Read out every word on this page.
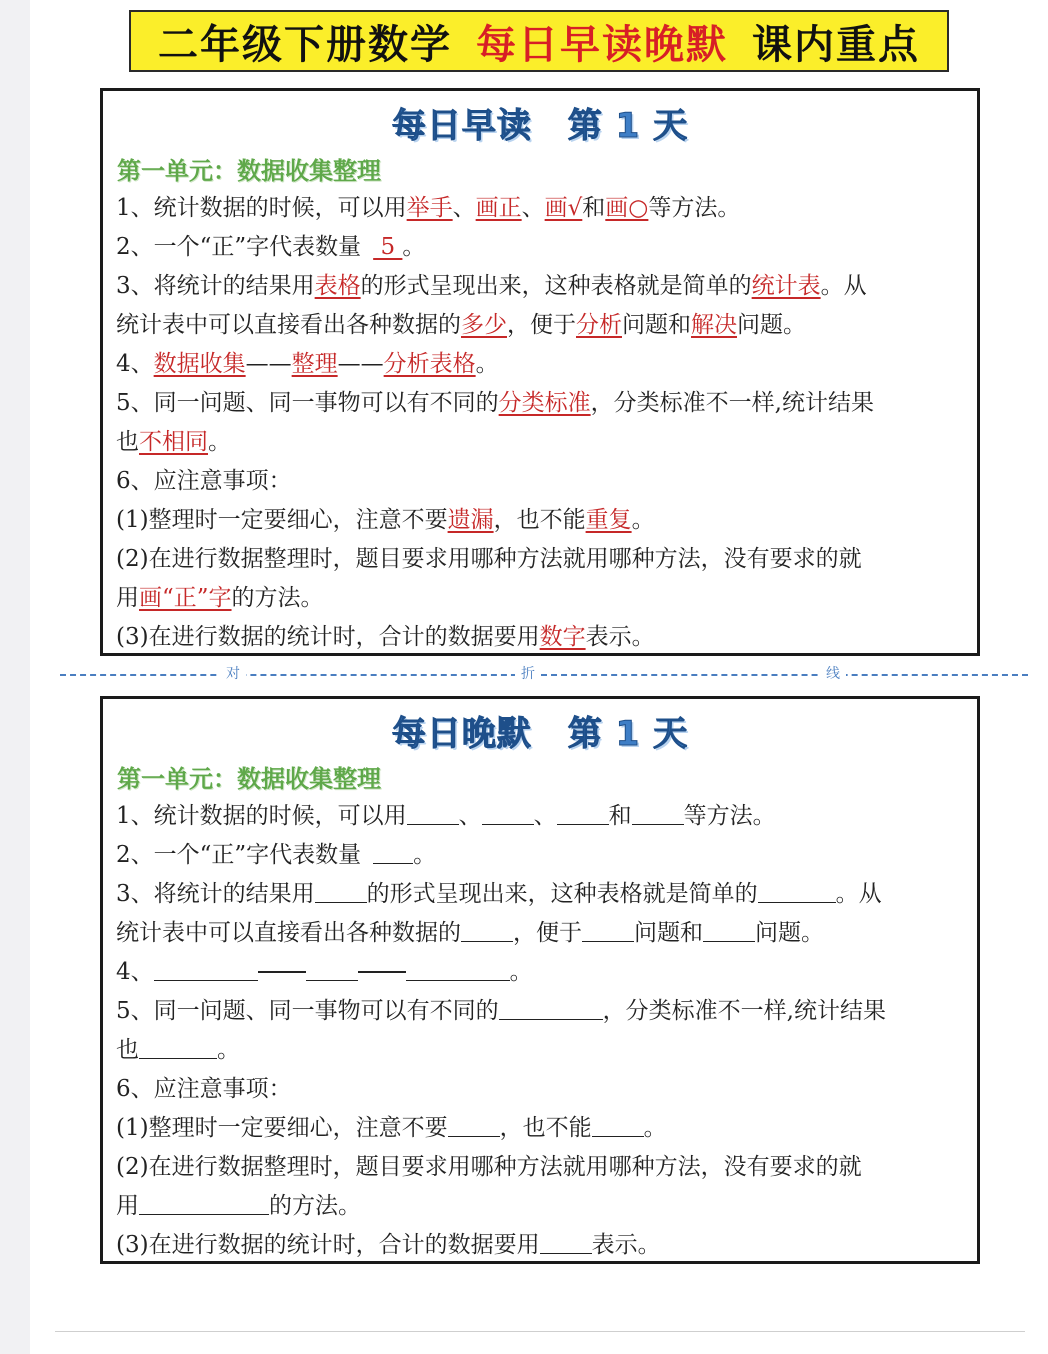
二年级下册数学 每日早读晚默 课内重点
每日早读 第 1 天
第一单元：数据收集整理
1、统计数据的时候，可以用举手、画正、画√和画○等方法。
2、一个“正”字代表数量 5 。
3、将统计的结果用表格的形式呈现出来，这种表格就是简单的统计表。从
统计表中可以直接看出各种数据的多少，便于分析问题和解决问题。
4、数据收集——整理——分析表格。
5、同一问题、同一事物可以有不同的分类标准，分类标准不一样,统计结果
也不相同。
6、应注意事项：
(1)整理时一定要细心，注意不要遗漏，也不能重复。
(2)在进行数据整理时，题目要求用哪种方法就用哪种方法，没有要求的就
用画“正”字的方法。
(3)在进行数据的统计时，合计的数据要用数字表示。
对	折	线
每日晚默 第 1 天
第一单元：数据收集整理
1、统计数据的时候，可以用 、 、 和 等方法。
2、一个“正”字代表数量 。
3、将统计的结果用 的形式呈现出来，这种表格就是简单的	。从
统计表中可以直接看出各种数据的 ，便于 问题和 问题。
4、	。
5、同一问题、同一事物可以有不同的	，分类标准不一样,统计结果
也	。
6、应注意事项：
(1)整理时一定要细心，注意不要 ，也不能 。
(2)在进行数据整理时，题目要求用哪种方法就用哪种方法，没有要求的就
用	的方法。
(3)在进行数据的统计时，合计的数据要用 表示。
